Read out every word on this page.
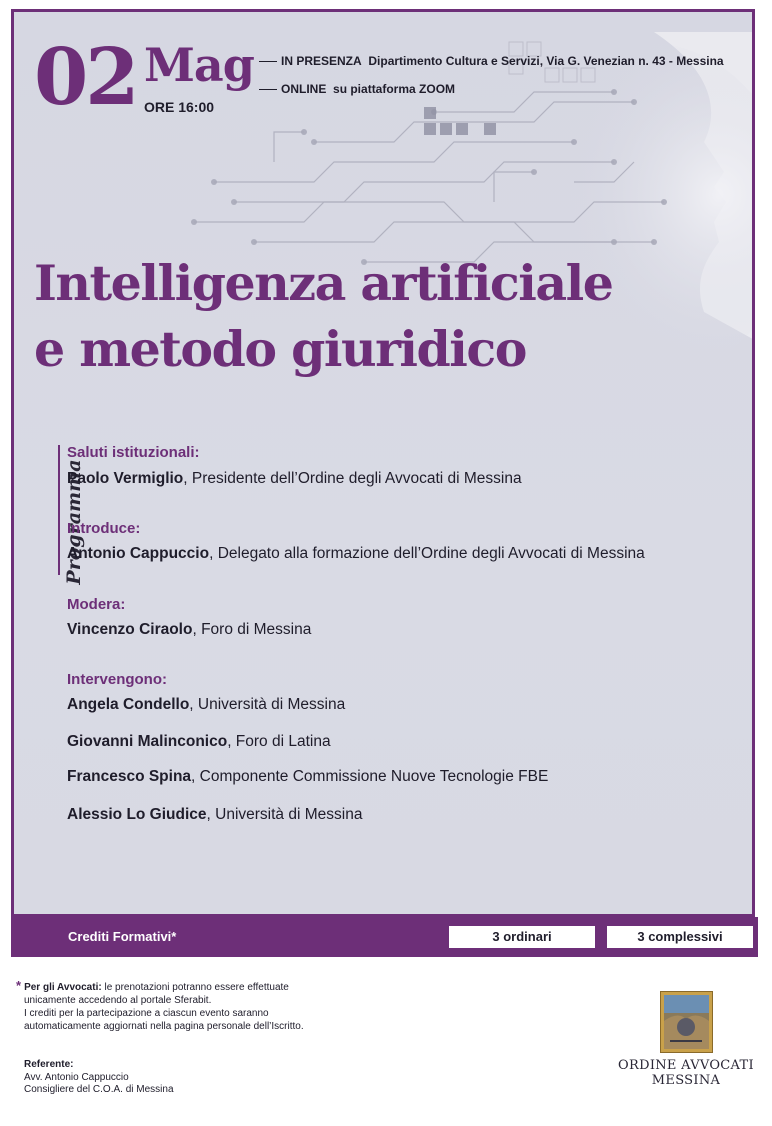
02 Mag
ORE 16:00
IN PRESENZA Dipartimento Cultura e Servizi, Via G. Venezian n. 43 - Messina
ONLINE su piattaforma ZOOM
Intelligenza artificiale
e metodo giuridico
Programma
Saluti istituzionali:
Paolo Vermiglio, Presidente dell’Ordine degli Avvocati di Messina
Introduce:
Antonio Cappuccio, Delegato alla formazione dell’Ordine degli Avvocati di Messina
Modera:
Vincenzo Ciraolo, Foro di Messina
Intervengono:
Angela Condello, Università di Messina
Giovanni Malinconico, Foro di Latina
Francesco Spina, Componente Commissione Nuove Tecnologie FBE
Alessio Lo Giudice, Università di Messina
Crediti Formativi*	3 ordinari	3 complessivi
* Per gli Avvocati: le prenotazioni potranno essere effettuate
unicamente accedendo al portale Sferabit.
I crediti per la partecipazione a ciascun evento saranno
automaticamente aggiornati nella pagina personale dell’Iscritto.
Referente:
Avv. Antonio Cappuccio
Consigliere del C.O.A. di Messina
ORDINE AVVOCATI
MESSINA
